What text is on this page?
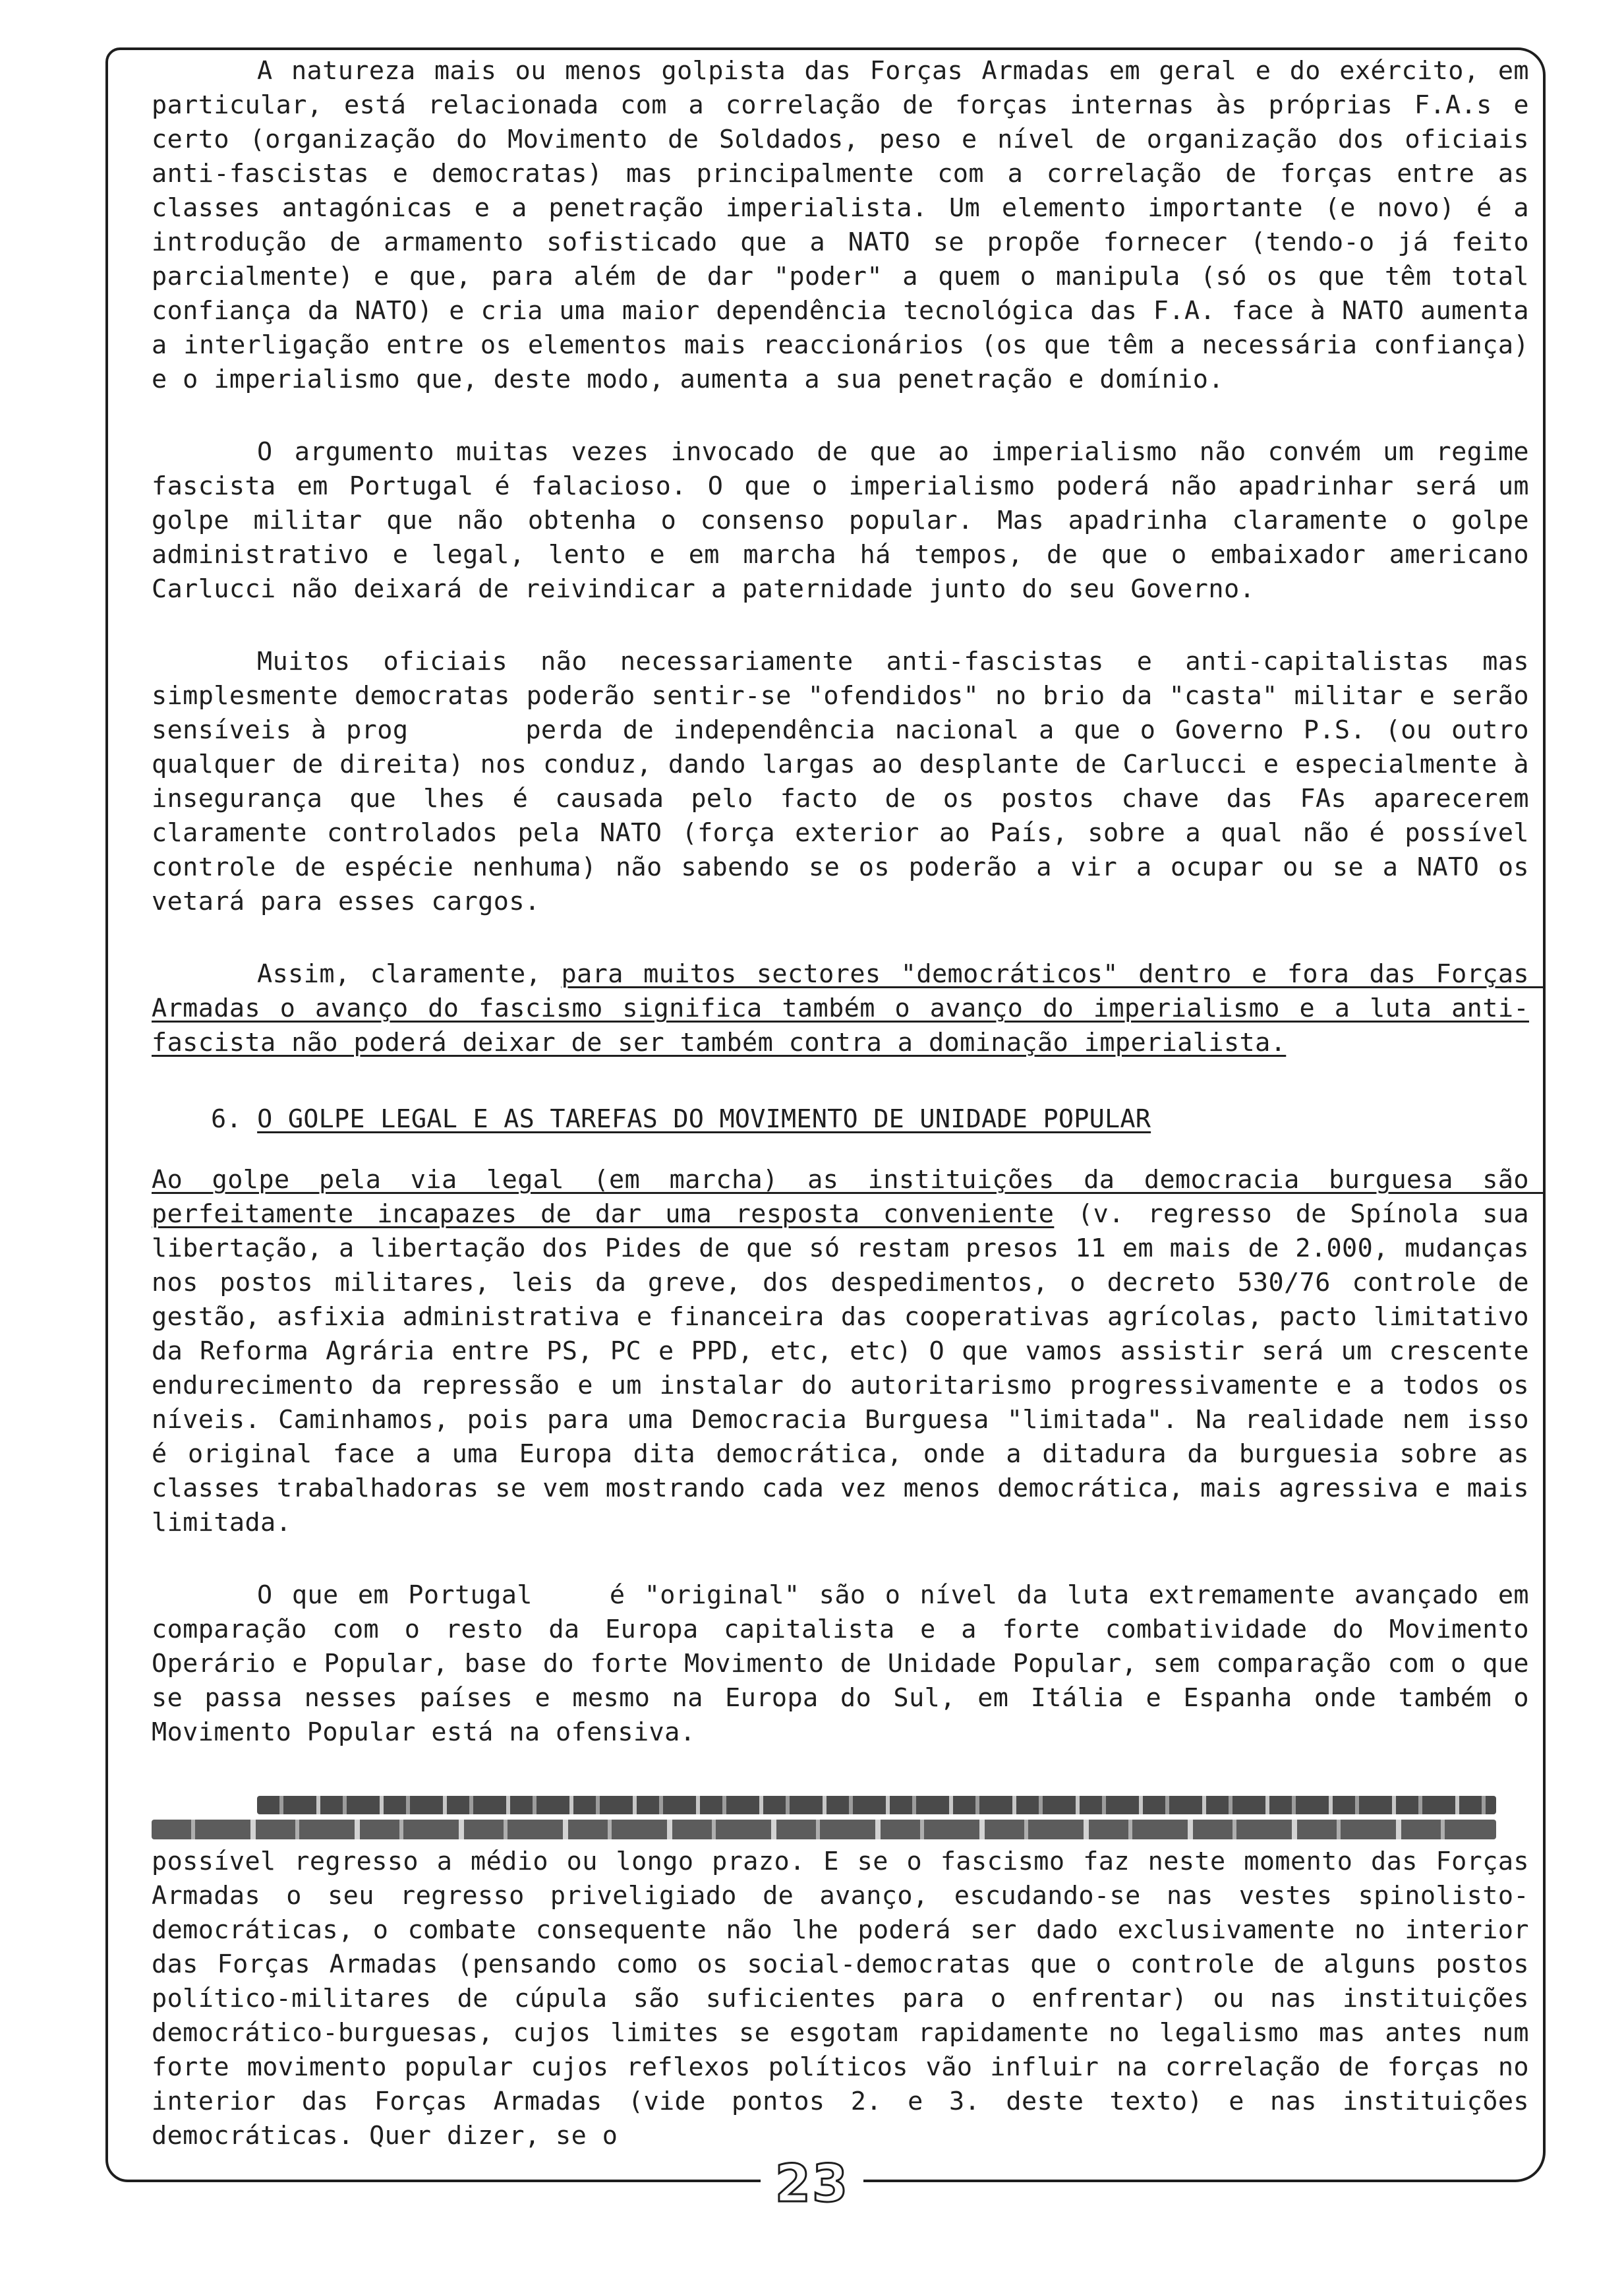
A natureza mais ou menos golpista das Forças Armadas em geral e do exército, em particular, está relacionada com a correlação de forças internas às próprias F.A.s e certo (organização do Movimento de Soldados, peso e nível de organização dos oficiais anti-fascistas e democratas) mas principalmente com a correlação de forças entre as classes antagónicas e a penetração imperialista. Um elemento importante (e novo) é a introdução de armamento sofisticado que a NATO se propõe fornecer (tendo-o já feito parcialmente) e que, para além de dar "poder" a quem o manipula (só os que têm total confiança da NATO) e cria uma maior dependência tecnológica das F.A. face à NATO aumenta a interligação entre os elementos mais reaccionários (os que têm a necessária confiança) e o imperialismo que, deste modo, aumenta a sua penetração e domínio.

O argumento muitas vezes invocado de que ao imperialismo não convém um regime fascista em Portugal é falacioso. O que o imperialismo poderá não apadrinhar será um golpe militar que não obtenha o consenso popular. Mas apadrinha claramente o golpe administrativo e legal, lento e em marcha há tempos, de que o embaixador americano Carlucci não deixará de reivindicar a paternidade junto do seu Governo.

Muitos oficiais não necessariamente anti-fascistas e anti-capitalistas mas simplesmente democratas poderão sentir-se "ofendidos" no brio da "casta" militar e serão sensíveis à prog      perda de independência nacional a que o Governo P.S. (ou outro qualquer de direita) nos conduz, dando largas ao desplante de Carlucci e especialmente à insegurança que lhes é causada pelo facto de os postos chave das FAs aparecerem claramente controlados pela NATO (força exterior ao País, sobre a qual não é possível controle de espécie nenhuma) não sabendo se os poderão a vir a ocupar ou se a NATO os vetará para esses cargos.

Assim, claramente, para muitos sectores "democráticos" dentro e fora das Forças Armadas o avanço do fascismo significa também o avanço do imperialismo e a luta anti-fascista não poderá deixar de ser também contra a dominação imperialista.

6. O GOLPE LEGAL E AS TAREFAS DO MOVIMENTO DE UNIDADE POPULAR

Ao golpe pela via legal (em marcha) as instituições da democracia burguesa são perfeitamente incapazes de dar uma resposta conveniente (v. regresso de Spínola sua libertação, a libertação dos Pides de que só restam presos 11 em mais de 2.000, mudanças nos postos militares, leis da greve, dos despedimentos, o decreto 530/76 controle de gestão, asfixia administrativa e financeira das cooperativas agrícolas, pacto limitativo da Reforma Agrária entre PS, PC e PPD, etc, etc) O que vamos assistir será um crescente endurecimento da repressão e um instalar do autoritarismo progressivamente e a todos os níveis. Caminhamos, pois para uma Democracia Burguesa "limitada". Na realidade nem isso é original face a uma Europa dita democrática, onde a ditadura da burguesia sobre as classes trabalhadoras se vem mostrando cada vez menos democrática, mais agressiva e mais limitada.

O que em Portugal    é "original" são o nível da luta extremamente avançado em comparação com o resto da Europa capitalista e a forte combatividade do Movimento Operário e Popular, base do forte Movimento de Unidade Popular, sem comparação com o que se passa nesses países e mesmo na Europa do Sul, em Itália e Espanha onde também o Movimento Popular está na ofensiva.

possível regresso a médio ou longo prazo. E se o fascismo faz neste momento das Forças Armadas o seu regresso priveligiado de avanço, escudando-se nas vestes spinolisto-democráticas, o combate consequente não lhe poderá ser dado exclusivamente no interior das Forças Armadas (pensando como os social-democratas que o controle de alguns postos político-militares de cúpula são suficientes para o enfrentar) ou nas instituições democrático-burguesas, cujos limites se esgotam rapidamente no legalismo mas antes num forte movimento popular cujos reflexos políticos vão influir na correlação de forças no interior das Forças Armadas (vide pontos 2. e 3. deste texto) e nas instituições democráticas. Quer dizer, se o

23
